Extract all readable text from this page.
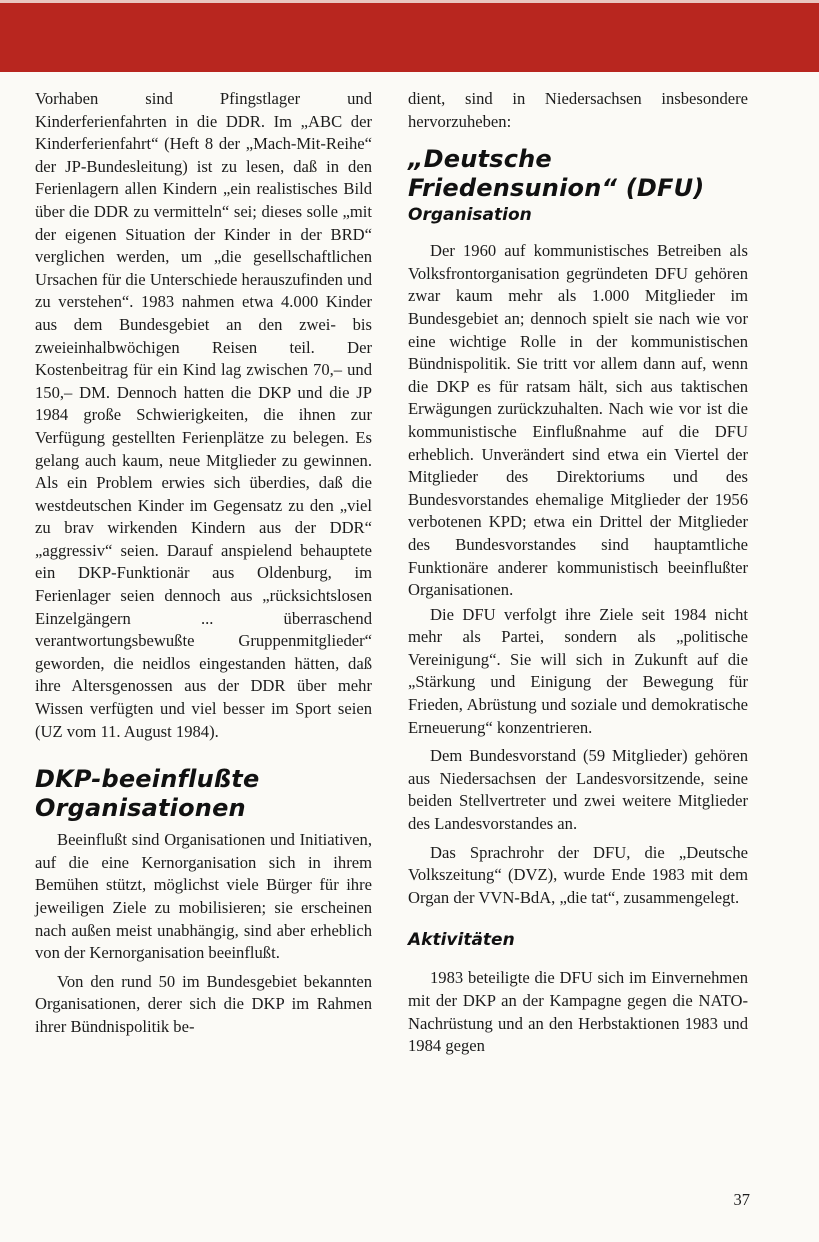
Vorhaben sind Pfingstlager und Kinderferienfahrten in die DDR. Im „ABC der Kinderferienfahrt“ (Heft 8 der „Mach-Mit-Reihe“ der JP-Bundesleitung) ist zu lesen, daß in den Ferienlagern allen Kindern „ein realistisches Bild über die DDR zu vermitteln“ sei; dieses solle „mit der eigenen Situation der Kinder in der BRD“ verglichen werden, um „die gesellschaftlichen Ursachen für die Unterschiede herauszufinden und zu verstehen“. 1983 nahmen etwa 4.000 Kinder aus dem Bundesgebiet an den zwei- bis zweieinhalbwöchigen Reisen teil. Der Kostenbeitrag für ein Kind lag zwischen 70,– und 150,– DM. Dennoch hatten die DKP und die JP 1984 große Schwierigkeiten, die ihnen zur Verfügung gestellten Ferienplätze zu belegen. Es gelang auch kaum, neue Mitglieder zu gewinnen. Als ein Problem erwies sich überdies, daß die westdeutschen Kinder im Gegensatz zu den „viel zu brav wirkenden Kindern aus der DDR“ „aggressiv“ seien. Darauf anspielend behauptete ein DKP-Funktionär aus Oldenburg, im Ferienlager seien dennoch aus „rücksichtslosen Einzelgängern ... überraschend verantwortungsbewußte Gruppenmitglieder“ geworden, die neidlos eingestanden hätten, daß ihre Altersgenossen aus der DDR über mehr Wissen verfügten und viel besser im Sport seien (UZ vom 11. August 1984).

DKP-beeinflußte Organisationen

Beeinflußt sind Organisationen und Initiativen, auf die eine Kernorganisation sich in ihrem Bemühen stützt, möglichst viele Bürger für ihre jeweiligen Ziele zu mobilisieren; sie erscheinen nach außen meist unabhängig, sind aber erheblich von der Kernorganisation beeinflußt.

Von den rund 50 im Bundesgebiet bekannten Organisationen, derer sich die DKP im Rahmen ihrer Bündnispolitik be-

dient, sind in Niedersachsen insbesondere hervorzuheben:

„Deutsche Friedensunion“ (DFU)
Organisation

Der 1960 auf kommunistisches Betreiben als Volksfrontorganisation gegründeten DFU gehören zwar kaum mehr als 1.000 Mitglieder im Bundesgebiet an; dennoch spielt sie nach wie vor eine wichtige Rolle in der kommunistischen Bündnispolitik. Sie tritt vor allem dann auf, wenn die DKP es für ratsam hält, sich aus taktischen Erwägungen zurückzuhalten. Nach wie vor ist die kommunistische Einflußnahme auf die DFU erheblich. Unverändert sind etwa ein Viertel der Mitglieder des Direktoriums und des Bundesvorstandes ehemalige Mitglieder der 1956 verbotenen KPD; etwa ein Drittel der Mitglieder des Bundesvorstandes sind hauptamtliche Funktionäre anderer kommunistisch beeinflußter Organisationen.

Die DFU verfolgt ihre Ziele seit 1984 nicht mehr als Partei, sondern als „politische Vereinigung“. Sie will sich in Zukunft auf die „Stärkung und Einigung der Bewegung für Frieden, Abrüstung und soziale und demokratische Erneuerung“ konzentrieren.

Dem Bundesvorstand (59 Mitglieder) gehören aus Niedersachsen der Landesvorsitzende, seine beiden Stellvertreter und zwei weitere Mitglieder des Landesvorstandes an.

Das Sprachrohr der DFU, die „Deutsche Volkszeitung“ (DVZ), wurde Ende 1983 mit dem Organ der VVN-BdA, „die tat“, zusammengelegt.

Aktivitäten

1983 beteiligte die DFU sich im Einvernehmen mit der DKP an der Kampagne gegen die NATO-Nachrüstung und an den Herbstaktionen 1983 und 1984 gegen

37
